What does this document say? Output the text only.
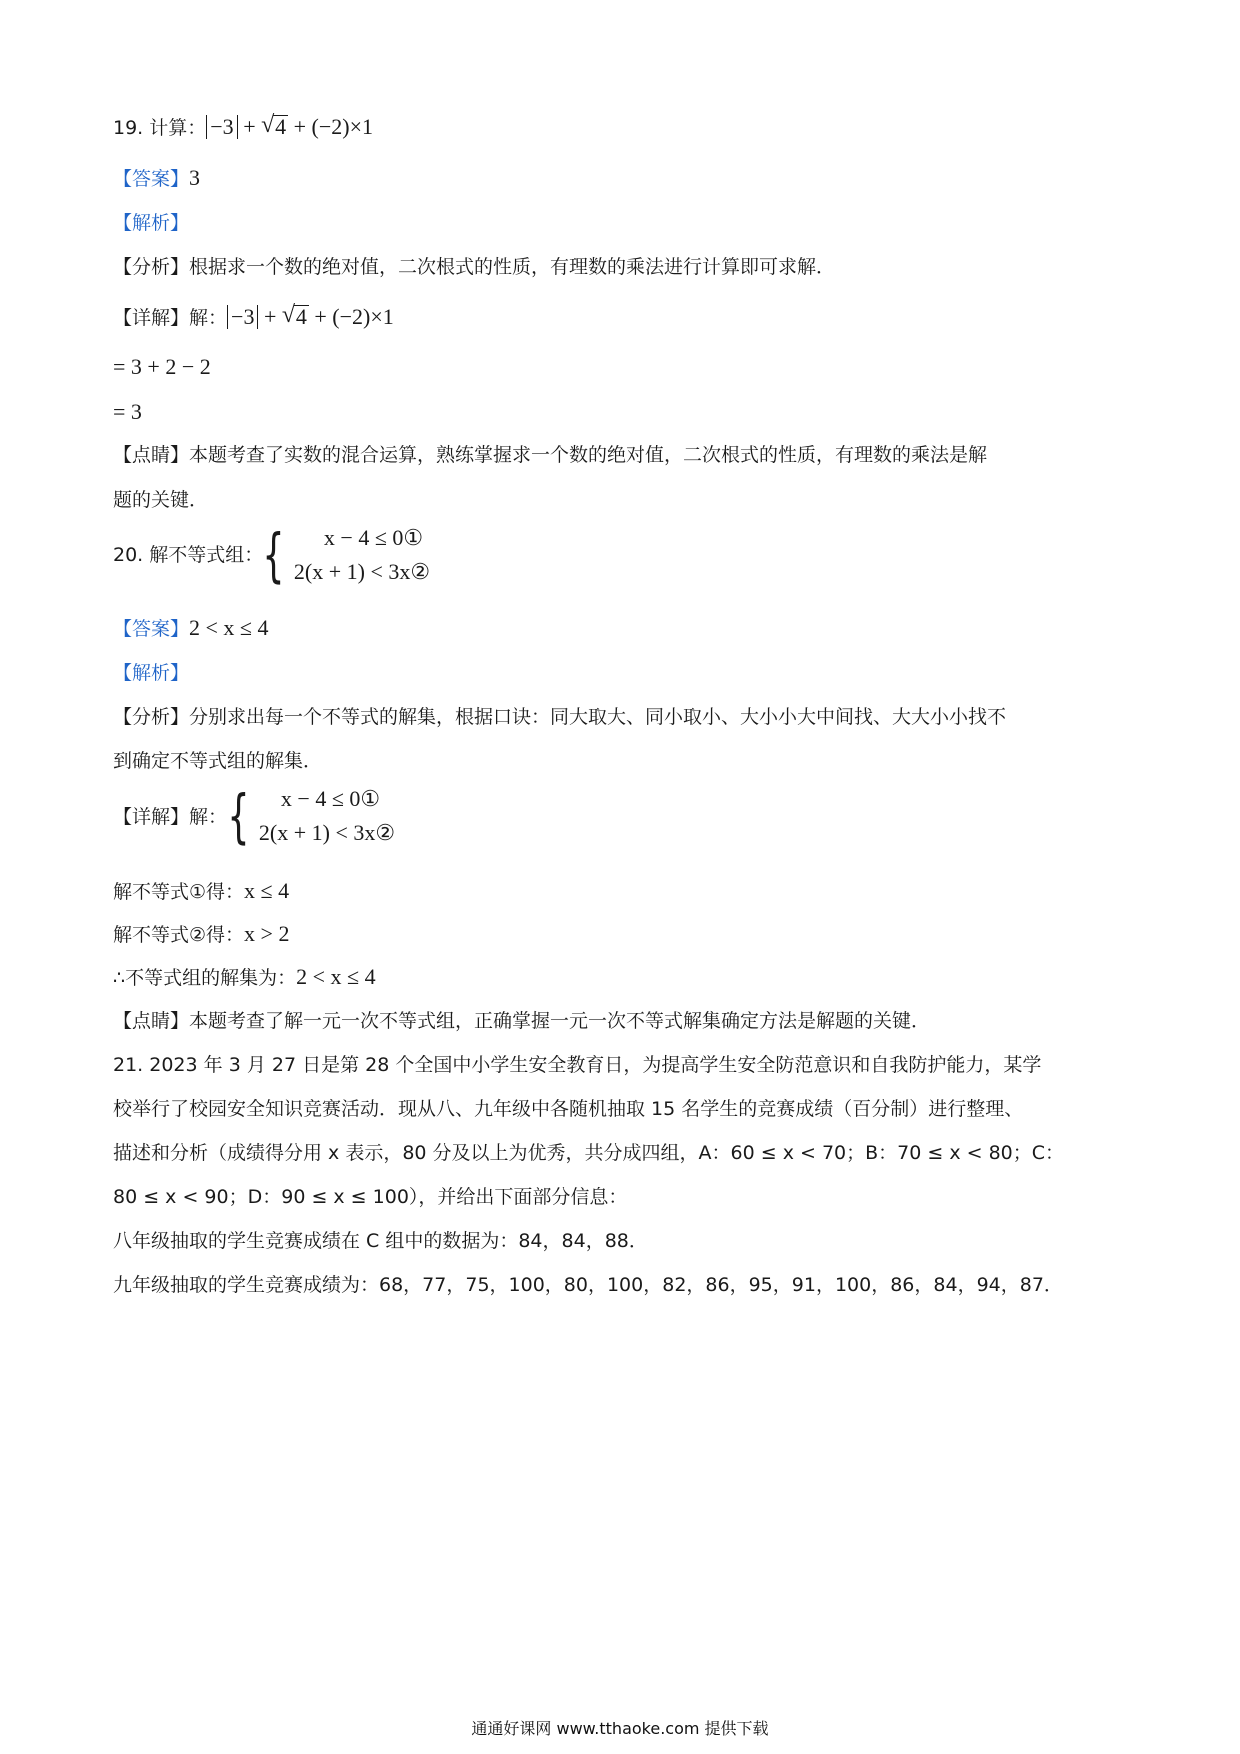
19. 计算： −3 + √ 4 + (−2)×1
【答案】3
【解析】
【分析】根据求一个数的绝对值，二次根式的性质，有理数的乘法进行计算即可求解．
【详解】解： −3 + √ 4 + (−2)×1
= 3 + 2 − 2
= 3
【点睛】本题考查了实数的混合运算，熟练掌握求一个数的绝对值，二次根式的性质，有理数的乘法是解
题的关键．
20. 解不等式组： {	x − 4 ≤ 0①
2(x + 1) < 3x②
【答案】2 < x ≤ 4
【解析】
【分析】分别求出每一个不等式的解集，根据口诀：同大取大、同小取小、大小小大中间找、大大小小找不
到确定不等式组的解集．
【详解】解： {	x − 4 ≤ 0①
2(x + 1) < 3x②
解不等式①得：x ≤ 4
解不等式②得：x > 2
∴不等式组的解集为：2 < x ≤ 4
【点睛】本题考查了解一元一次不等式组，正确掌握一元一次不等式解集确定方法是解题的关键．
21. 2023 年 3 月 27 日是第 28 个全国中小学生安全教育日，为提高学生安全防范意识和自我防护能力，某学
校举行了校园安全知识竞赛活动．现从八、九年级中各随机抽取 15 名学生的竞赛成绩（百分制）进行整理、
描述和分析（成绩得分用 x 表示，80 分及以上为优秀，共分成四组，A：60 ≤ x < 70；B：70 ≤ x < 80；C：
80 ≤ x < 90；D：90 ≤ x ≤ 100），并给出下面部分信息：
八年级抽取的学生竞赛成绩在 C 组中的数据为：84，84，88．
九年级抽取的学生竞赛成绩为：68，77，75，100，80，100，82，86，95，91，100，86，84，94，87．
通通好课网 www.tthaoke.com 提供下载
